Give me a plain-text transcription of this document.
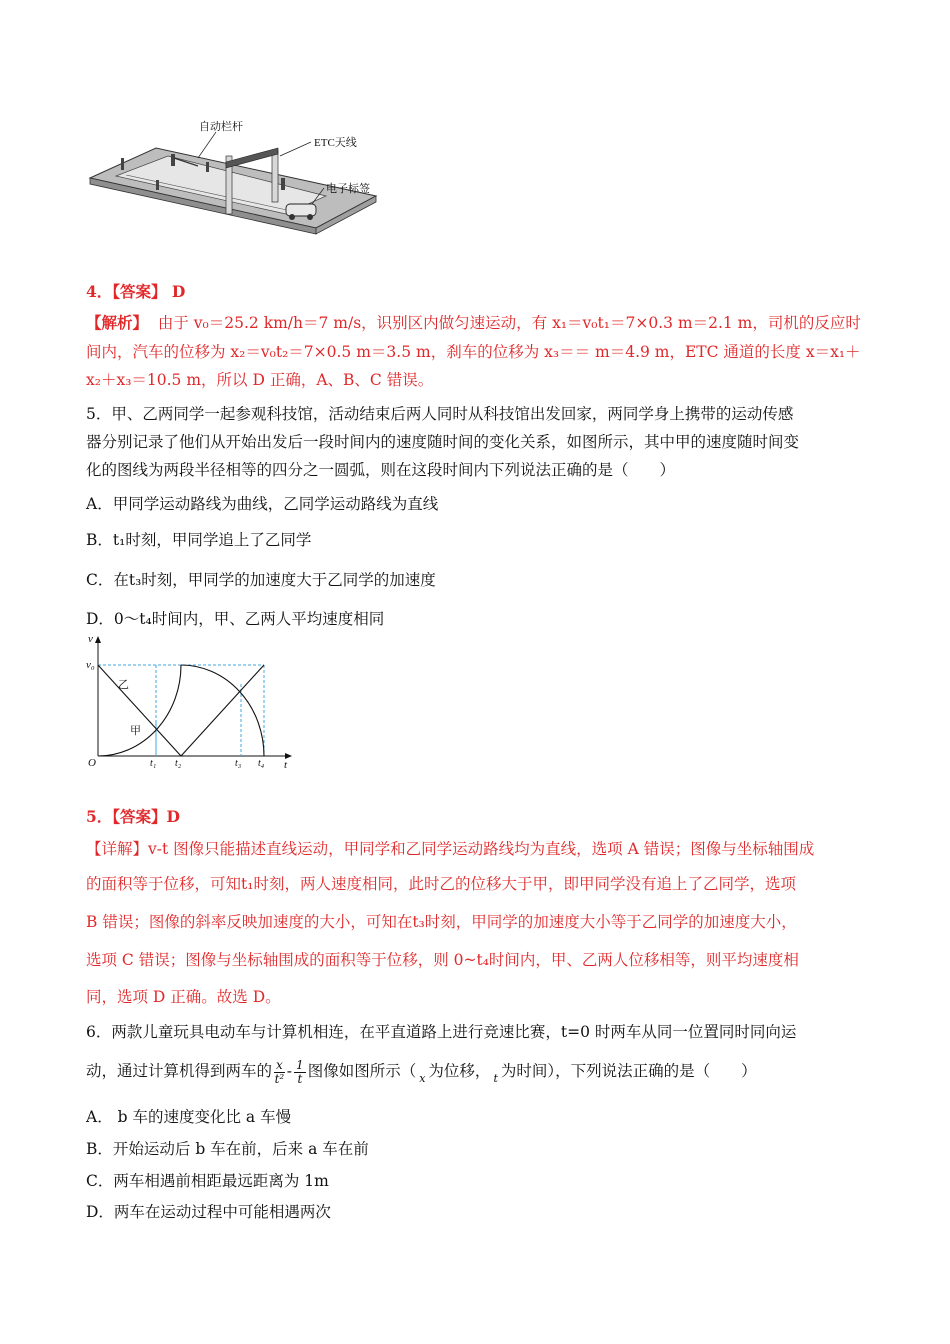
自动栏杆
ETC天线
电子标签
4．【答案】 D
【解析】 由于 v₀＝25.2 km/h＝7 m/s，识别区内做匀速运动，有 x₁＝v₀t₁＝7×0.3 m＝2.1 m，司机的反应时
间内，汽车的位移为 x₂＝v₀t₂＝7×0.5 m＝3.5 m，刹车的位移为 x₃＝＝ m＝4.9 m，ETC 通道的长度 x＝x₁＋
x₂＋x₃＝10.5 m，所以 D 正确，A、B、C 错误。
5．甲、乙两同学一起参观科技馆，活动结束后两人同时从科技馆出发回家，两同学身上携带的运动传感
器分别记录了他们从开始出发后一段时间内的速度随时间的变化关系，如图所示，其中甲的速度随时间变
化的图线为两段半径相等的四分之一圆弧，则在这段时间内下列说法正确的是（　　）
A．甲同学运动路线为曲线，乙同学运动路线为直线
B．t₁时刻，甲同学追上了乙同学
C．在t₃时刻，甲同学的加速度大于乙同学的加速度
D．0～t₄时间内，甲、乙两人平均速度相同
v
t
O
v₀
乙
甲
t₁ t₂	t₃ t₄
5．【答案】D
【详解】v-t 图像只能描述直线运动，甲同学和乙同学运动路线均为直线，选项 A 错误；图像与坐标轴围成
的面积等于位移，可知t₁时刻，两人速度相同，此时乙的位移大于甲，即甲同学没有追上了乙同学，选项
B 错误；图像的斜率反映加速度的大小，可知在t₃时刻，甲同学的加速度大小等于乙同学的加速度大小，
选项 C 错误；图像与坐标轴围成的面积等于位移，则 0~t₄时间内，甲、乙两人位移相等，则平均速度相
同，选项 D 正确。故选 D。
6．两款儿童玩具电动车与计算机相连，在平直道路上进行竞速比赛，t=0 时两车从同一位置同时同向运
动，通过计算机得到两车的 $\frac{x}{\text{t²}} - \frac{1}{t}$ 图像如图所示（ $_x$ 为位移， $_t$ 为时间），下列说法正确的是（　　）
A． b 车的速度变化比 a 车慢
B．开始运动后 b 车在前，后来 a 车在前
C．两车相遇前相距最远距离为 1m
D．两车在运动过程中可能相遇两次
